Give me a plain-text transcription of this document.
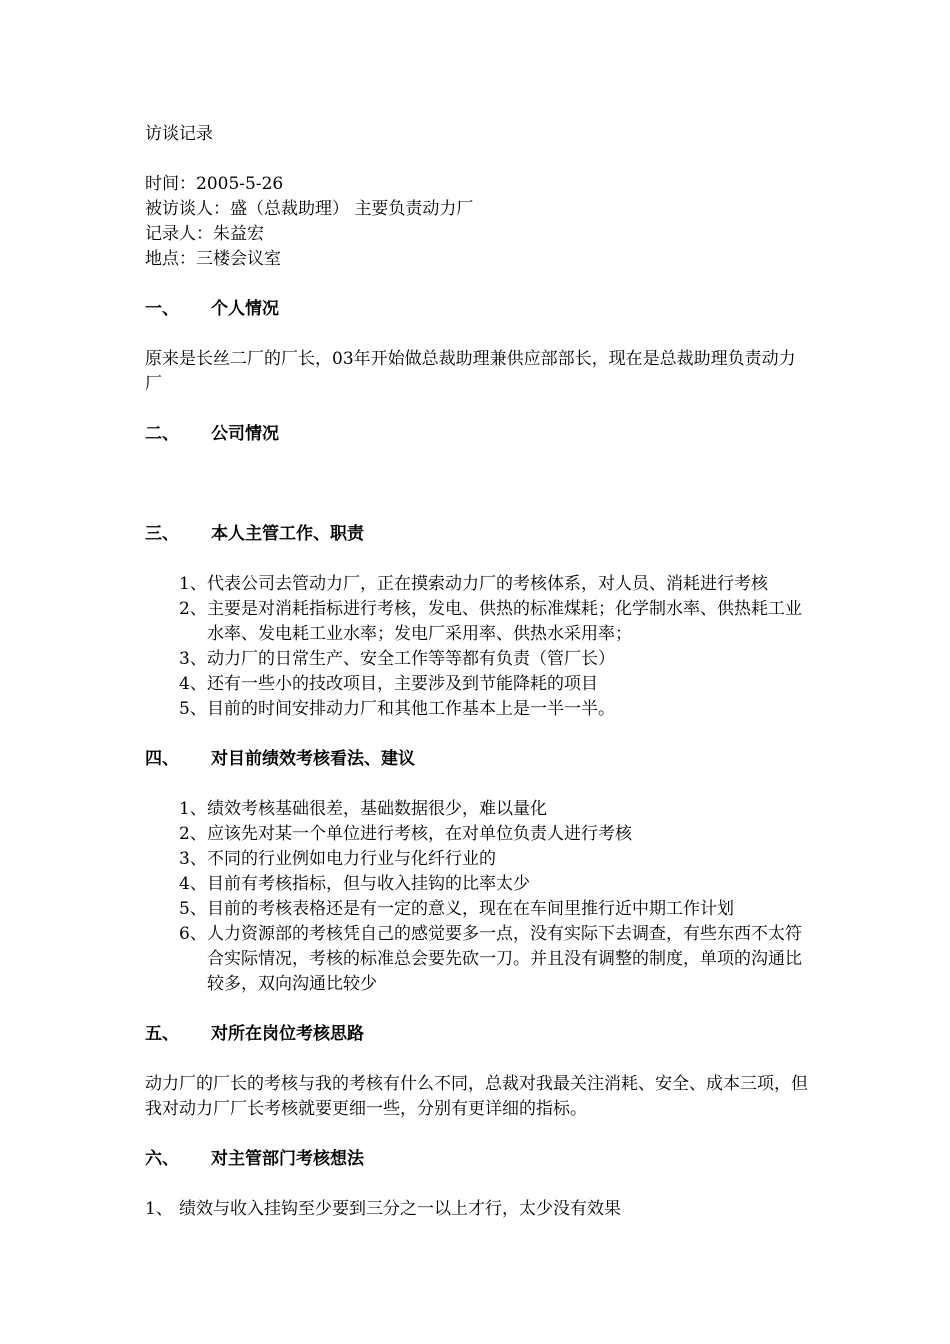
访谈记录

时间：2005-5-26

被访谈人：盛（总裁助理） 主要负责动力厂

记录人：朱益宏

地点：三楼会议室

一、	个人情况

原来是长丝二厂的厂长，03年开始做总裁助理兼供应部部长，现在是总裁助理负责动力厂

二、	公司情况
三、	本人主管工作、职责
1、 代表公司去管动力厂，正在摸索动力厂的考核体系，对人员、消耗进行考核
2、 主要是对消耗指标进行考核，发电、供热的标准煤耗；化学制水率、供热耗工业水率、发电耗工业水率；发电厂采用率、供热水采用率；
3、 动力厂的日常生产、安全工作等等都有负责（管厂长）
4、 还有一些小的技改项目，主要涉及到节能降耗的项目
5、 目前的时间安排动力厂和其他工作基本上是一半一半。
四、	对目前绩效考核看法、建议
1、 绩效考核基础很差，基础数据很少，难以量化
2、 应该先对某一个单位进行考核，在对单位负责人进行考核
3、 不同的行业例如电力行业与化纤行业的
4、 目前有考核指标，但与收入挂钩的比率太少
5、 目前的考核表格还是有一定的意义，现在在车间里推行近中期工作计划
6、 人力资源部的考核凭自己的感觉要多一点，没有实际下去调查，有些东西不太符合实际情况，考核的标准总会要先砍一刀。并且没有调整的制度，单项的沟通比较多，双向沟通比较少
五、	对所在岗位考核思路

动力厂的厂长的考核与我的考核有什么不同，总裁对我最关注消耗、安全、成本三项，但我对动力厂厂长考核就要更细一些，分别有更详细的指标。

六、	对主管部门考核想法
1、 绩效与收入挂钩至少要到三分之一以上才行，太少没有效果
